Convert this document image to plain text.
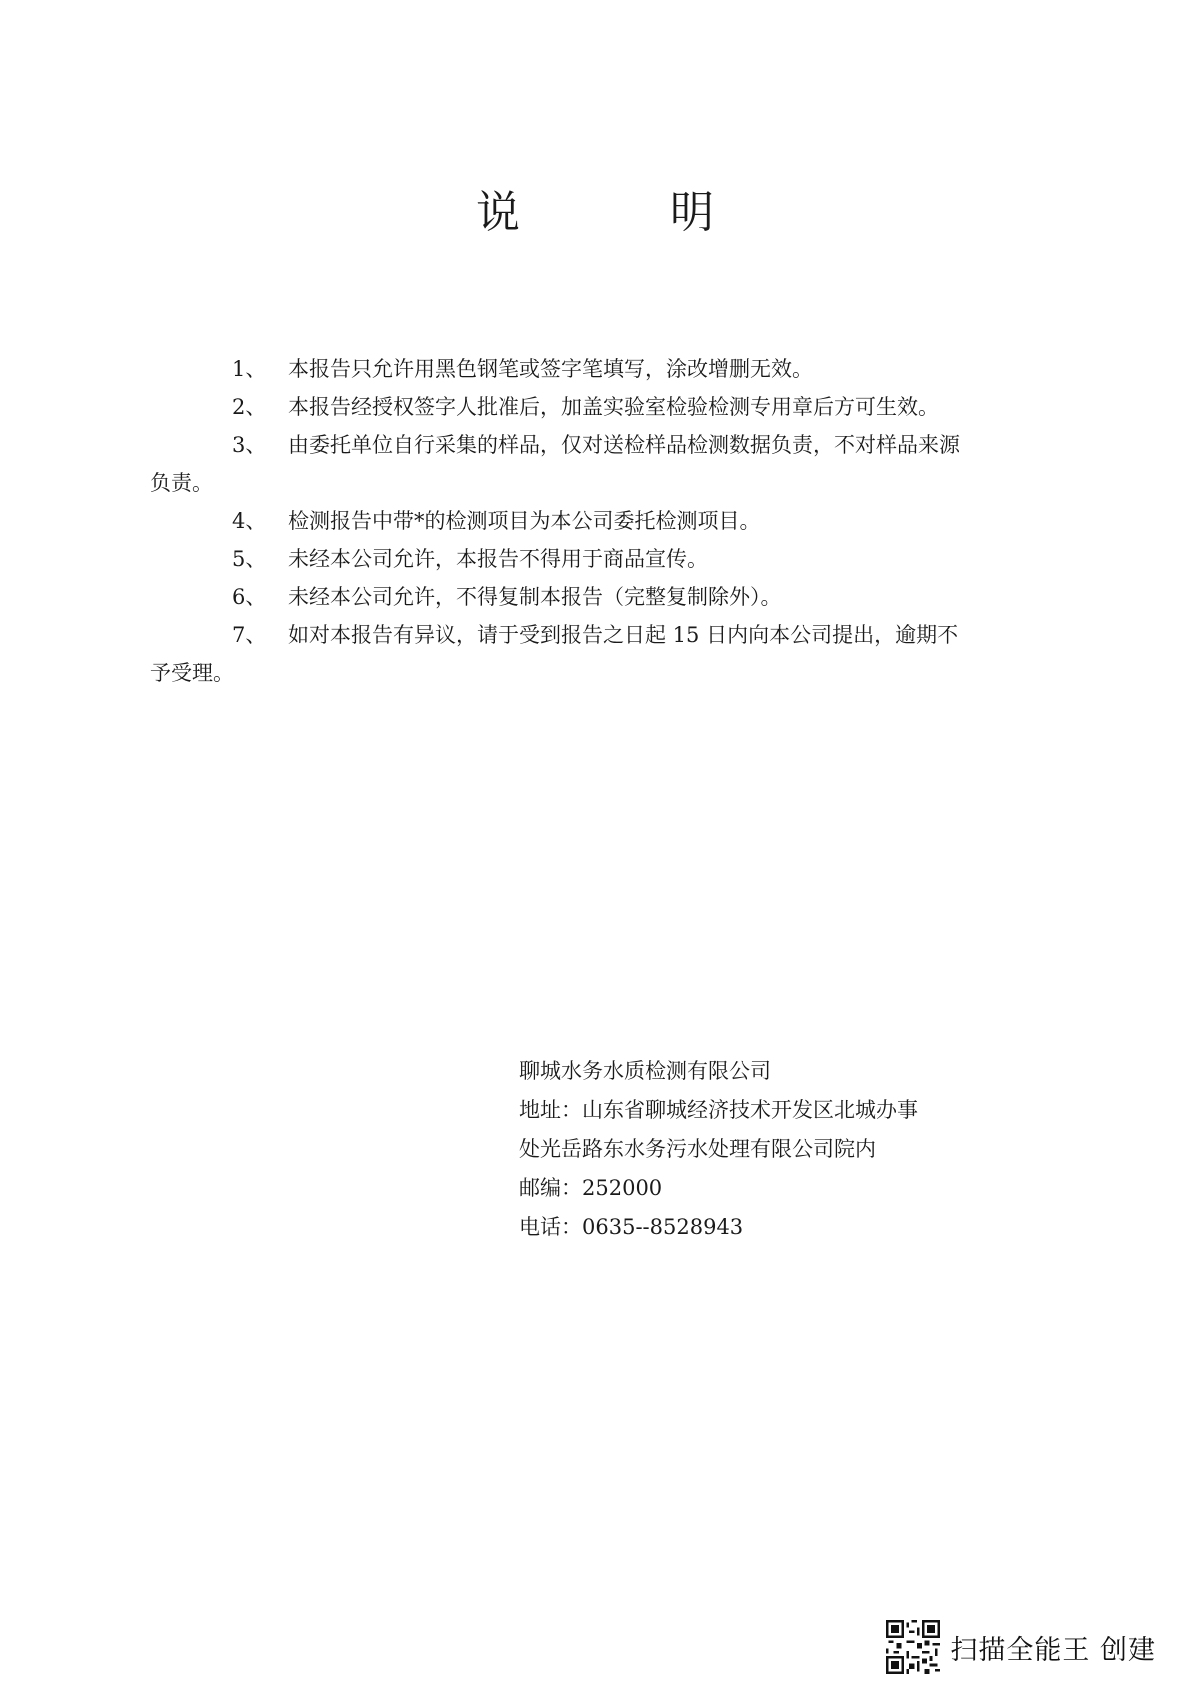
说	明

1、 本报告只允许用黑色钢笔或签字笔填写，涂改增删无效。

2、 本报告经授权签字人批准后，加盖实验室检验检测专用章后方可生效。

3、 由委托单位自行采集的样品，仅对送检样品检测数据负责，不对样品来源负责。

4、 检测报告中带*的检测项目为本公司委托检测项目。

5、 未经本公司允许，本报告不得用于商品宣传。

6、 未经本公司允许，不得复制本报告（完整复制除外）。

7、 如对本报告有异议，请于受到报告之日起 15 日内向本公司提出，逾期不予受理。

聊城水务水质检测有限公司

地址：山东省聊城经济技术开发区北城办事

处光岳路东水务污水处理有限公司院内

邮编：252000

电话：0635--8528943

扫描全能王 创建
